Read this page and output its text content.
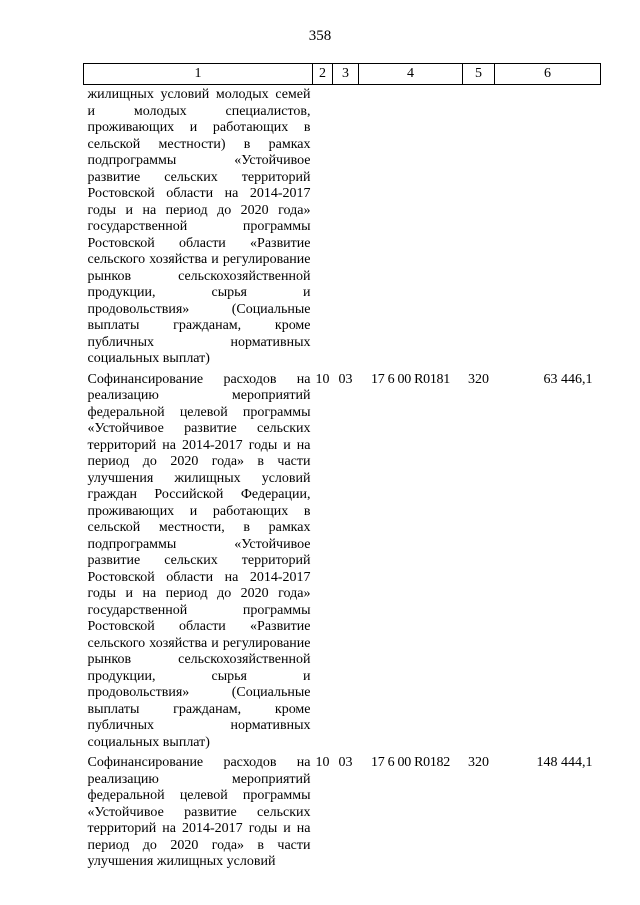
358
1	2	3	4	5	6
жилищных условий молодых семей и молодых специалистов, проживающих и работающих в сельской местности) в рамках подпрограммы «Устойчивое развитие сельских территорий Ростовской области на 2014-2017 годы и на период до 2020 года» государственной программы Ростовской области «Развитие сельского хозяйства и регулирование рынков сельскохозяйственной продукции, сырья и продовольствия» (Социальные выплаты гражданам, кроме публичных нормативных социальных выплат)					
Софинансирование расходов на реализацию мероприятий федеральной целевой программы «Устойчивое развитие сельских территорий на 2014-2017 годы и на период до 2020 года» в части улучшения жилищных условий граждан Российской Федерации, проживающих и работающих в сельской местности, в рамках подпрограммы «Устойчивое развитие сельских территорий Ростовской области на 2014-2017 годы и на период до 2020 года» государственной программы Ростовской области «Развитие сельского хозяйства и регулирование рынков сельскохозяйственной продукции, сырья и продовольствия» (Социальные выплаты гражданам, кроме публичных нормативных социальных выплат)	10	03	17 6 00 R0181	320	63 446,1
Софинансирование расходов на реализацию мероприятий федеральной целевой программы «Устойчивое развитие сельских территорий на 2014-2017 годы и на период до 2020 года» в части улучшения жилищных условий	10	03	17 6 00 R0182	320	148 444,1
